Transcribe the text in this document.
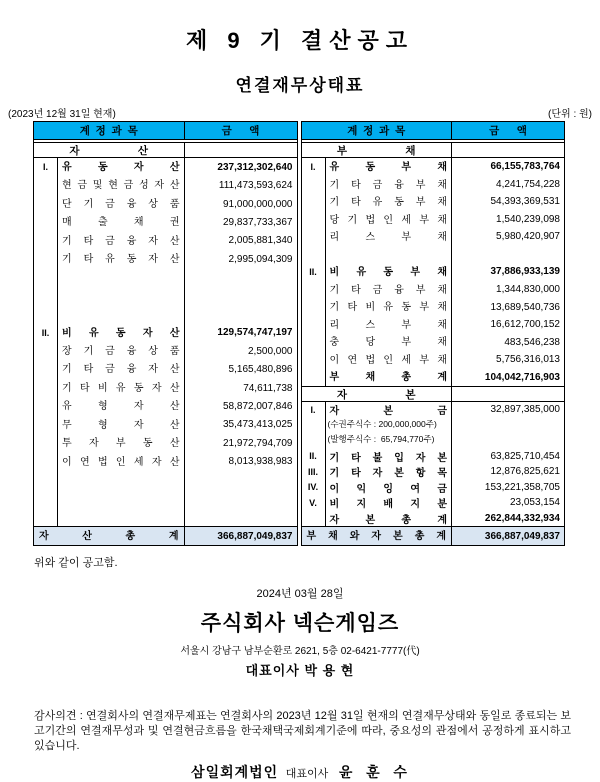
제 9 기 결산공고
연결재무상태표
(2023년 12월 31일 현재)	(단위 : 원)
계  정  과  목	금      액
자                    산
I.	유 동 자 산	237,312,302,640
현 금 및 현 금 성 자 산	111,473,593,624
단 기 금 융 상 품	91,000,000,000
매 출 채 권	29,837,733,367
기 타 금 융 자 산	2,005,881,340
기 타 유 동 자 산	2,995,094,309
II.	비 유 동 자 산	129,574,747,197
장 기 금 융 상 품	2,500,000
기 타 금 융 자 산	5,165,480,896
기 타 비 유 동 자 산	74,611,738
유 형 자 산	58,872,007,846
무 형 자 산	35,473,413,025
투 자 부 동 산	21,972,794,709
이 연 법 인 세 자 산	8,013,938,983
자 산 총 계	366,887,049,837
계  정  과  목	금      액
부                    채
I.	유 동 부 채	66,155,783,764
기 타 금 융 부 채	4,241,754,228
기 타 유 동 부 채	54,393,369,531
당 기 법 인 세 부 채	1,540,239,098
리 스 부 채	5,980,420,907
II.	비 유 동 부 채	37,886,933,139
기 타 금 융 부 채	1,344,830,000
기 타 비 유 동 부 채	13,689,540,736
리 스 부 채	16,612,700,152
충 당 부 채	483,546,238
이 연 법 인 세 부 채	5,756,316,013
부 채 총 계	104,042,716,903
자                    본
I.	자 본 금	32,897,385,000
(수권주식수 : 200,000,000주)
(발행주식수 :  65,794,770주)
II.	기 타 불 입 자 본	63,825,710,454
III.	기 타 자 본 항 목	12,876,825,621
IV.	이 익 잉 여 금	153,221,358,705
V.	비 지 배 지 분	23,053,154
자 본 총 계	262,844,332,934
부 채 와 자 본 총 계	366,887,049,837
위와 같이 공고함.
2024년 03월 28일
주식회사 넥슨게임즈
서울시 강남구 남부순환로 2621, 5층 02-6421-7777(代)
대표이사 박 용 현
감사의견 : 연결회사의 연결재무제표는 연결회사의 2023년 12월 31일 현재의 연결재무상태와 동일로 종료되는 보고기간의 연결재무성과 및 연결현금흐름을 한국채택국제회계기준에 따라, 중요성의 관점에서 공정하게 표시하고 있습니다.
삼일회계법인 대표이사 윤  훈  수
